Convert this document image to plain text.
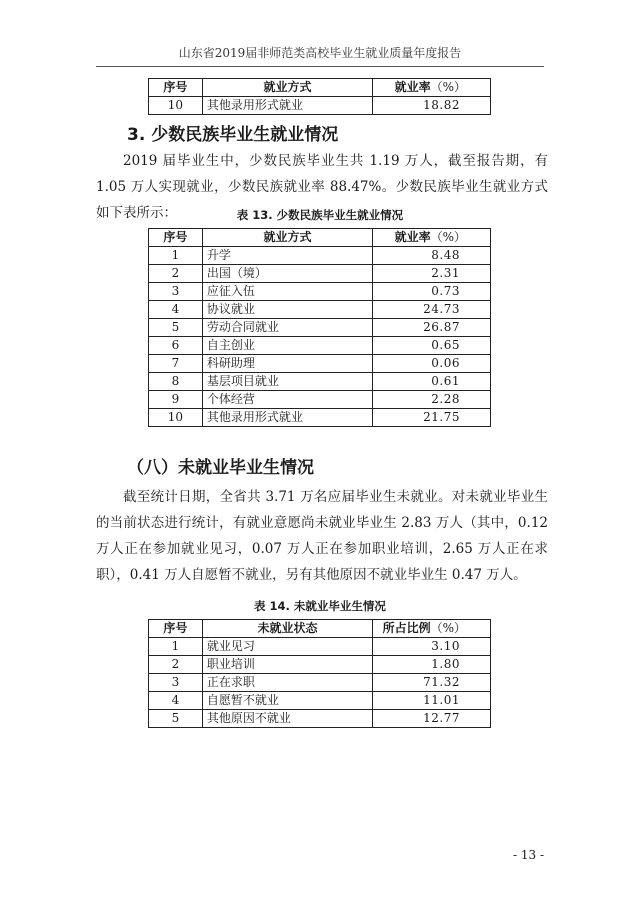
山东省2019届非师范类高校毕业生就业质量年度报告
序号	就业方式	就业率（%）
10	其他录用形式就业	18.82
3. 少数民族毕业生就业情况

2019 届毕业生中，少数民族毕业生共 1.19 万人，截至报告期，有 1.05 万人实现就业，少数民族就业率 88.47%。少数民族毕业生就业方式如下表所示：	表 13. 少数民族毕业生就业情况
序号	就业方式	就业率（%）
1	升学	8.48
2	出国（境）	2.31
3	应征入伍	0.73
4	协议就业	24.73
5	劳动合同就业	26.87
6	自主创业	0.65
7	科研助理	0.06
8	基层项目就业	0.61
9	个体经营	2.28
10	其他录用形式就业	21.75
（八）未就业毕业生情况

截至统计日期，全省共 3.71 万名应届毕业生未就业。对未就业毕业生的当前状态进行统计，有就业意愿尚未就业毕业生 2.83 万人（其中，0.12 万人正在参加就业见习，0.07 万人正在参加职业培训，2.65 万人正在求职），0.41 万人自愿暂不就业，另有其他原因不就业毕业生 0.47 万人。

表 14. 未就业毕业生情况
序号	未就业状态	所占比例（%）
1	就业见习	3.10
2	职业培训	1.80
3	正在求职	71.32
4	自愿暂不就业	11.01
5	其他原因不就业	12.77
- 13 -
